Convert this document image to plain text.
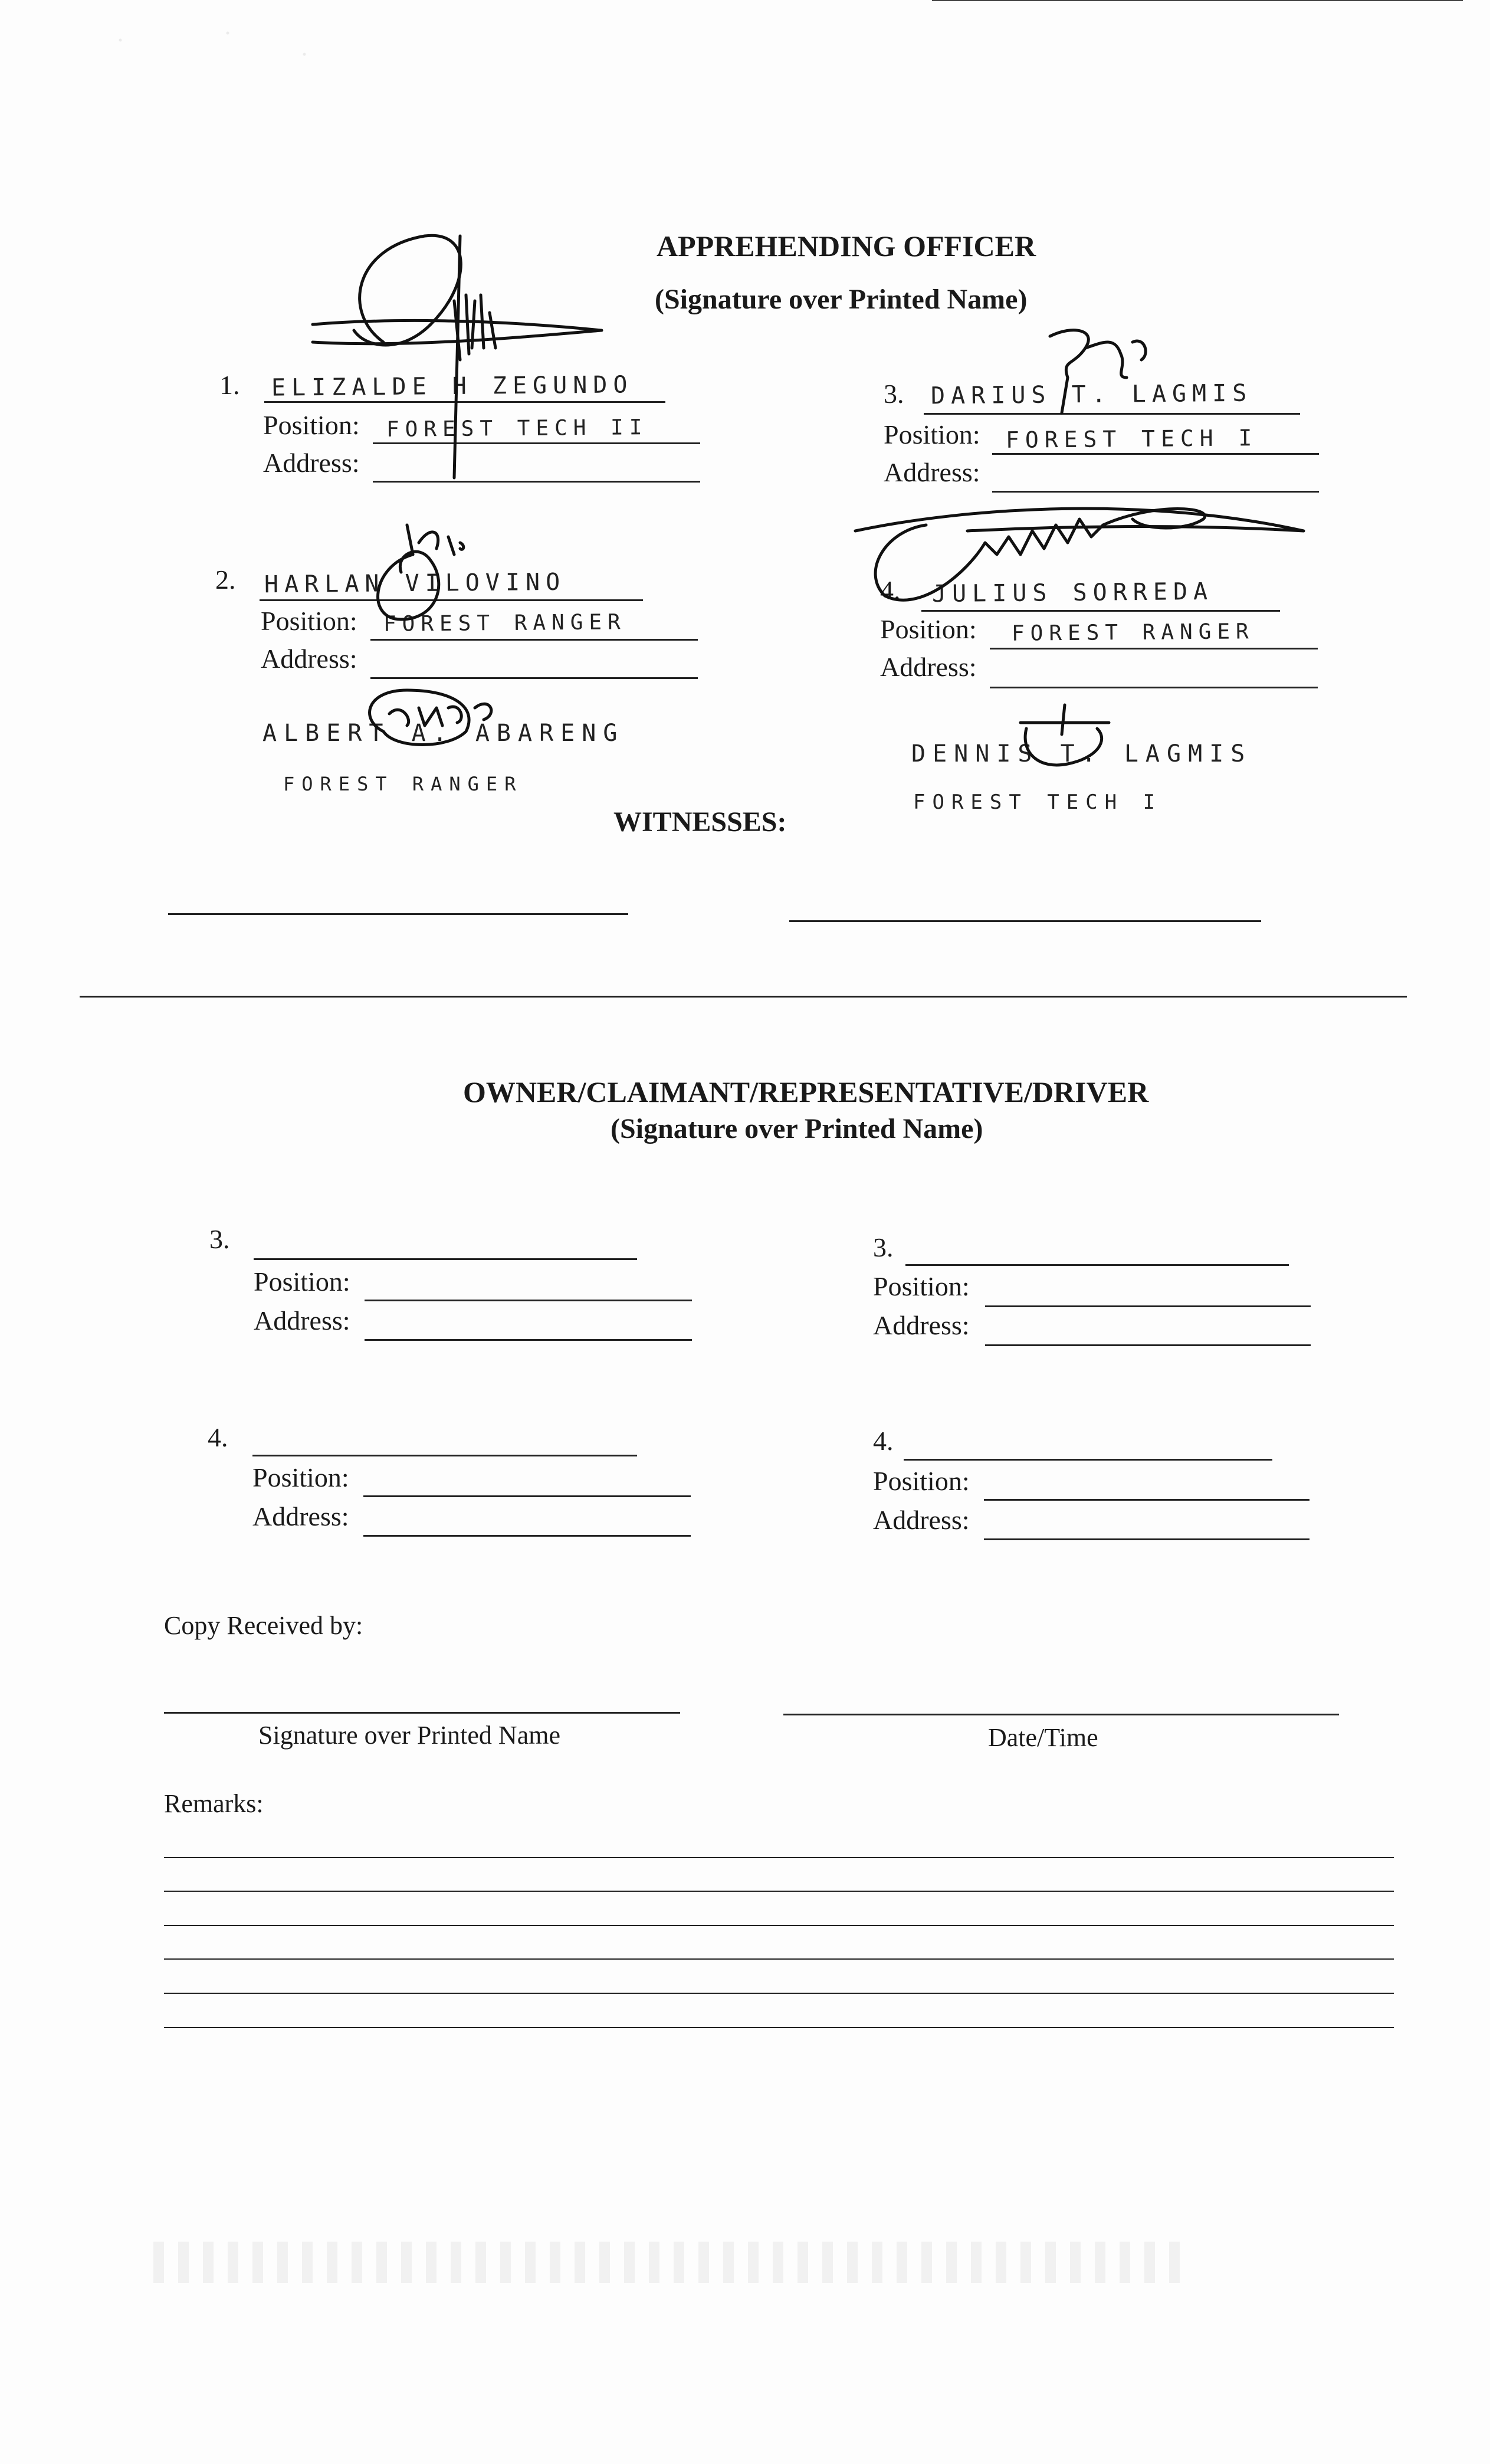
APPREHENDING OFFICER
(Signature over Printed Name)
1. ELIZALDE H ZEGUNDO
Position: FOREST TECH II
Address:
2. HARLAN VILOVINO
Position: FOREST RANGER
Address:
3. DARIUS T. LAGMIS
Position: FOREST TECH I
Address:
4. JULIUS SORREDA
Position: FOREST RANGER
Address:
ALBERT A. ABARENG
FOREST RANGER
DENNIS T. LAGMIS
FOREST TECH I
WITNESSES:
OWNER/CLAIMANT/REPRESENTATIVE/DRIVER
(Signature over Printed Name)
3.
Position:
Address:
3.
Position:
Address:
4.
Position:
Address:
4.
Position:
Address:
Copy Received by:
Signature over Printed Name	Date/Time
Remarks:
